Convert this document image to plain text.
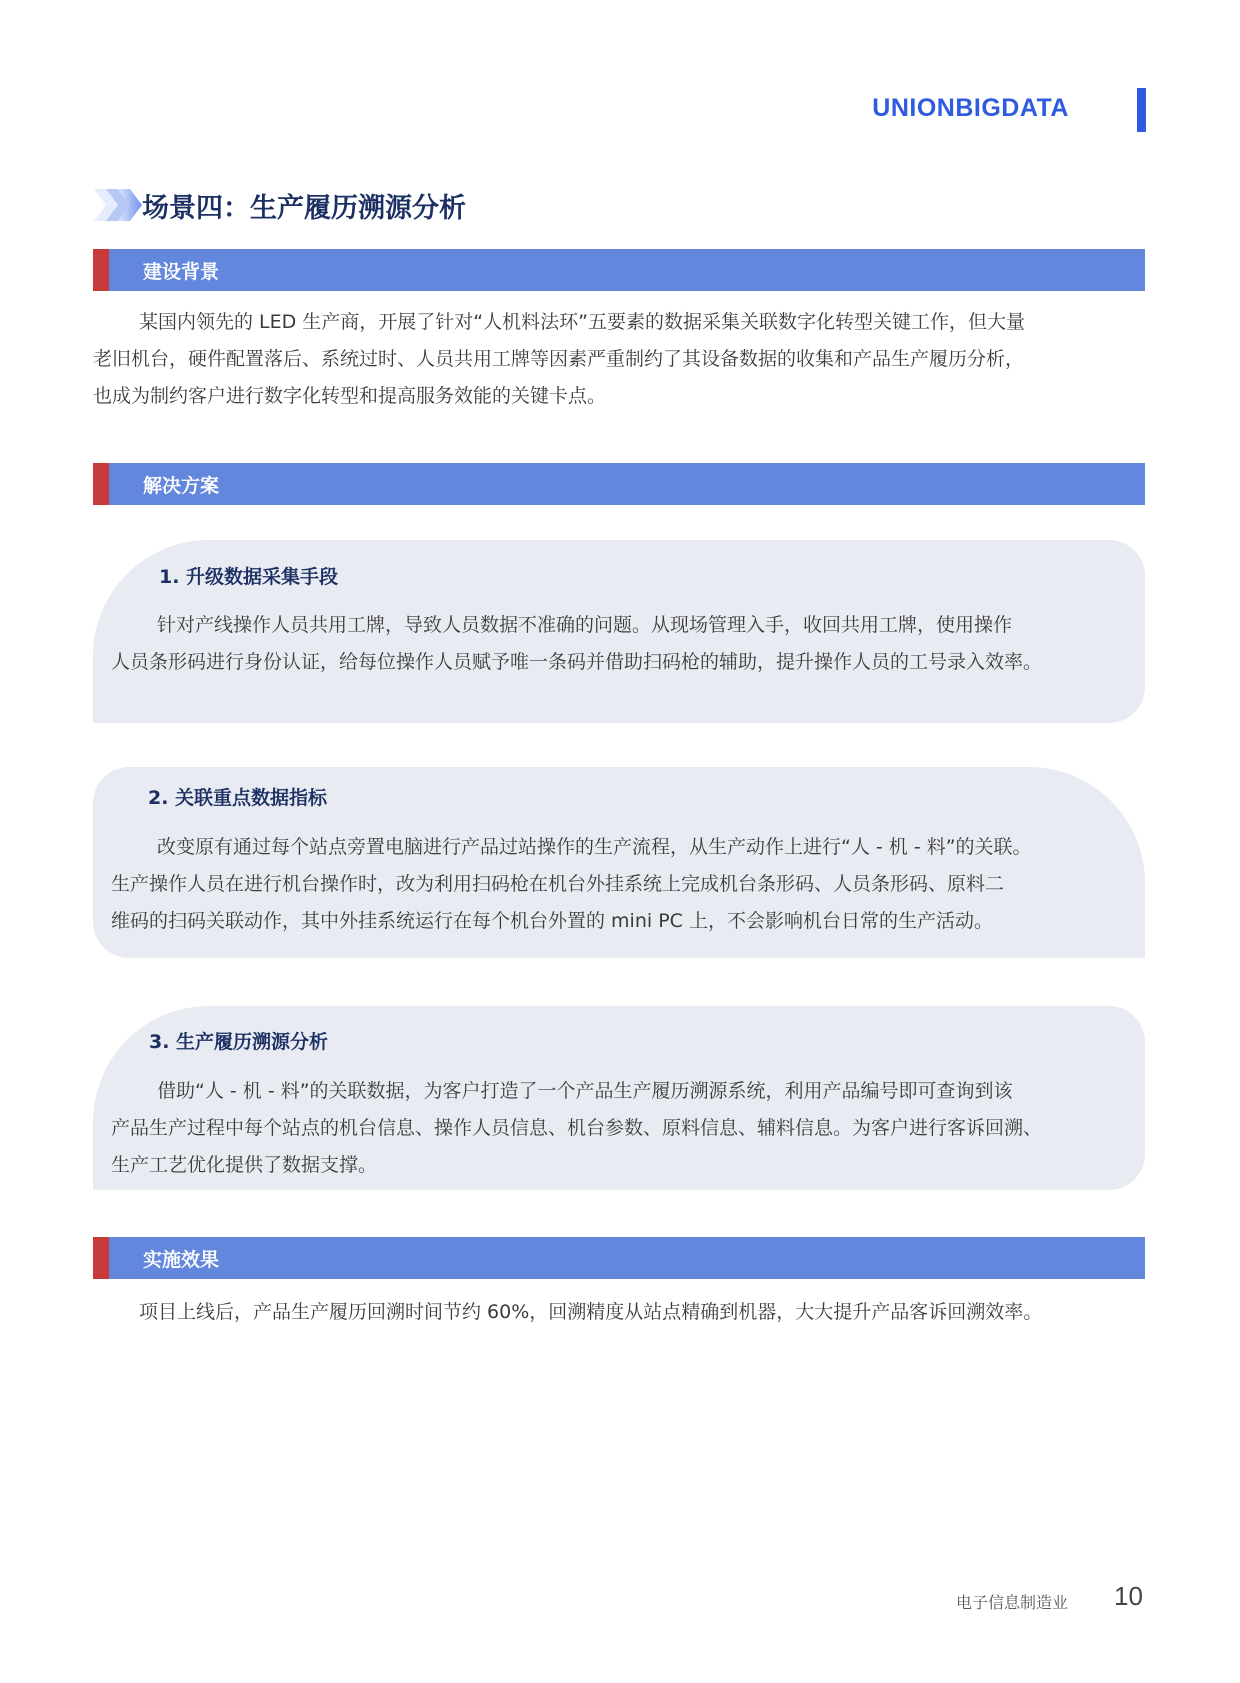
UNIONBIGDATA
场景四：生产履历溯源分析
建设背景
某国内领先的 LED 生产商，开展了针对“人机料法环”五要素的数据采集关联数字化转型关键工作，但大量
老旧机台，硬件配置落后、系统过时、人员共用工牌等因素严重制约了其设备数据的收集和产品生产履历分析，
也成为制约客户进行数字化转型和提高服务效能的关键卡点。
解决方案
1. 升级数据采集手段
针对产线操作人员共用工牌，导致人员数据不准确的问题。从现场管理入手，收回共用工牌，使用操作
人员条形码进行身份认证，给每位操作人员赋予唯一条码并借助扫码枪的辅助，提升操作人员的工号录入效率。
2. 关联重点数据指标
改变原有通过每个站点旁置电脑进行产品过站操作的生产流程，从生产动作上进行“人 - 机 - 料”的关联。
生产操作人员在进行机台操作时，改为利用扫码枪在机台外挂系统上完成机台条形码、人员条形码、原料二
维码的扫码关联动作，其中外挂系统运行在每个机台外置的 mini PC 上，不会影响机台日常的生产活动。
3. 生产履历溯源分析
借助“人 - 机 - 料”的关联数据，为客户打造了一个产品生产履历溯源系统，利用产品编号即可查询到该
产品生产过程中每个站点的机台信息、操作人员信息、机台参数、原料信息、辅料信息。为客户进行客诉回溯、
生产工艺优化提供了数据支撑。
实施效果
项目上线后，产品生产履历回溯时间节约 60%，回溯精度从站点精确到机器，大大提升产品客诉回溯效率。
电子信息制造业 10
